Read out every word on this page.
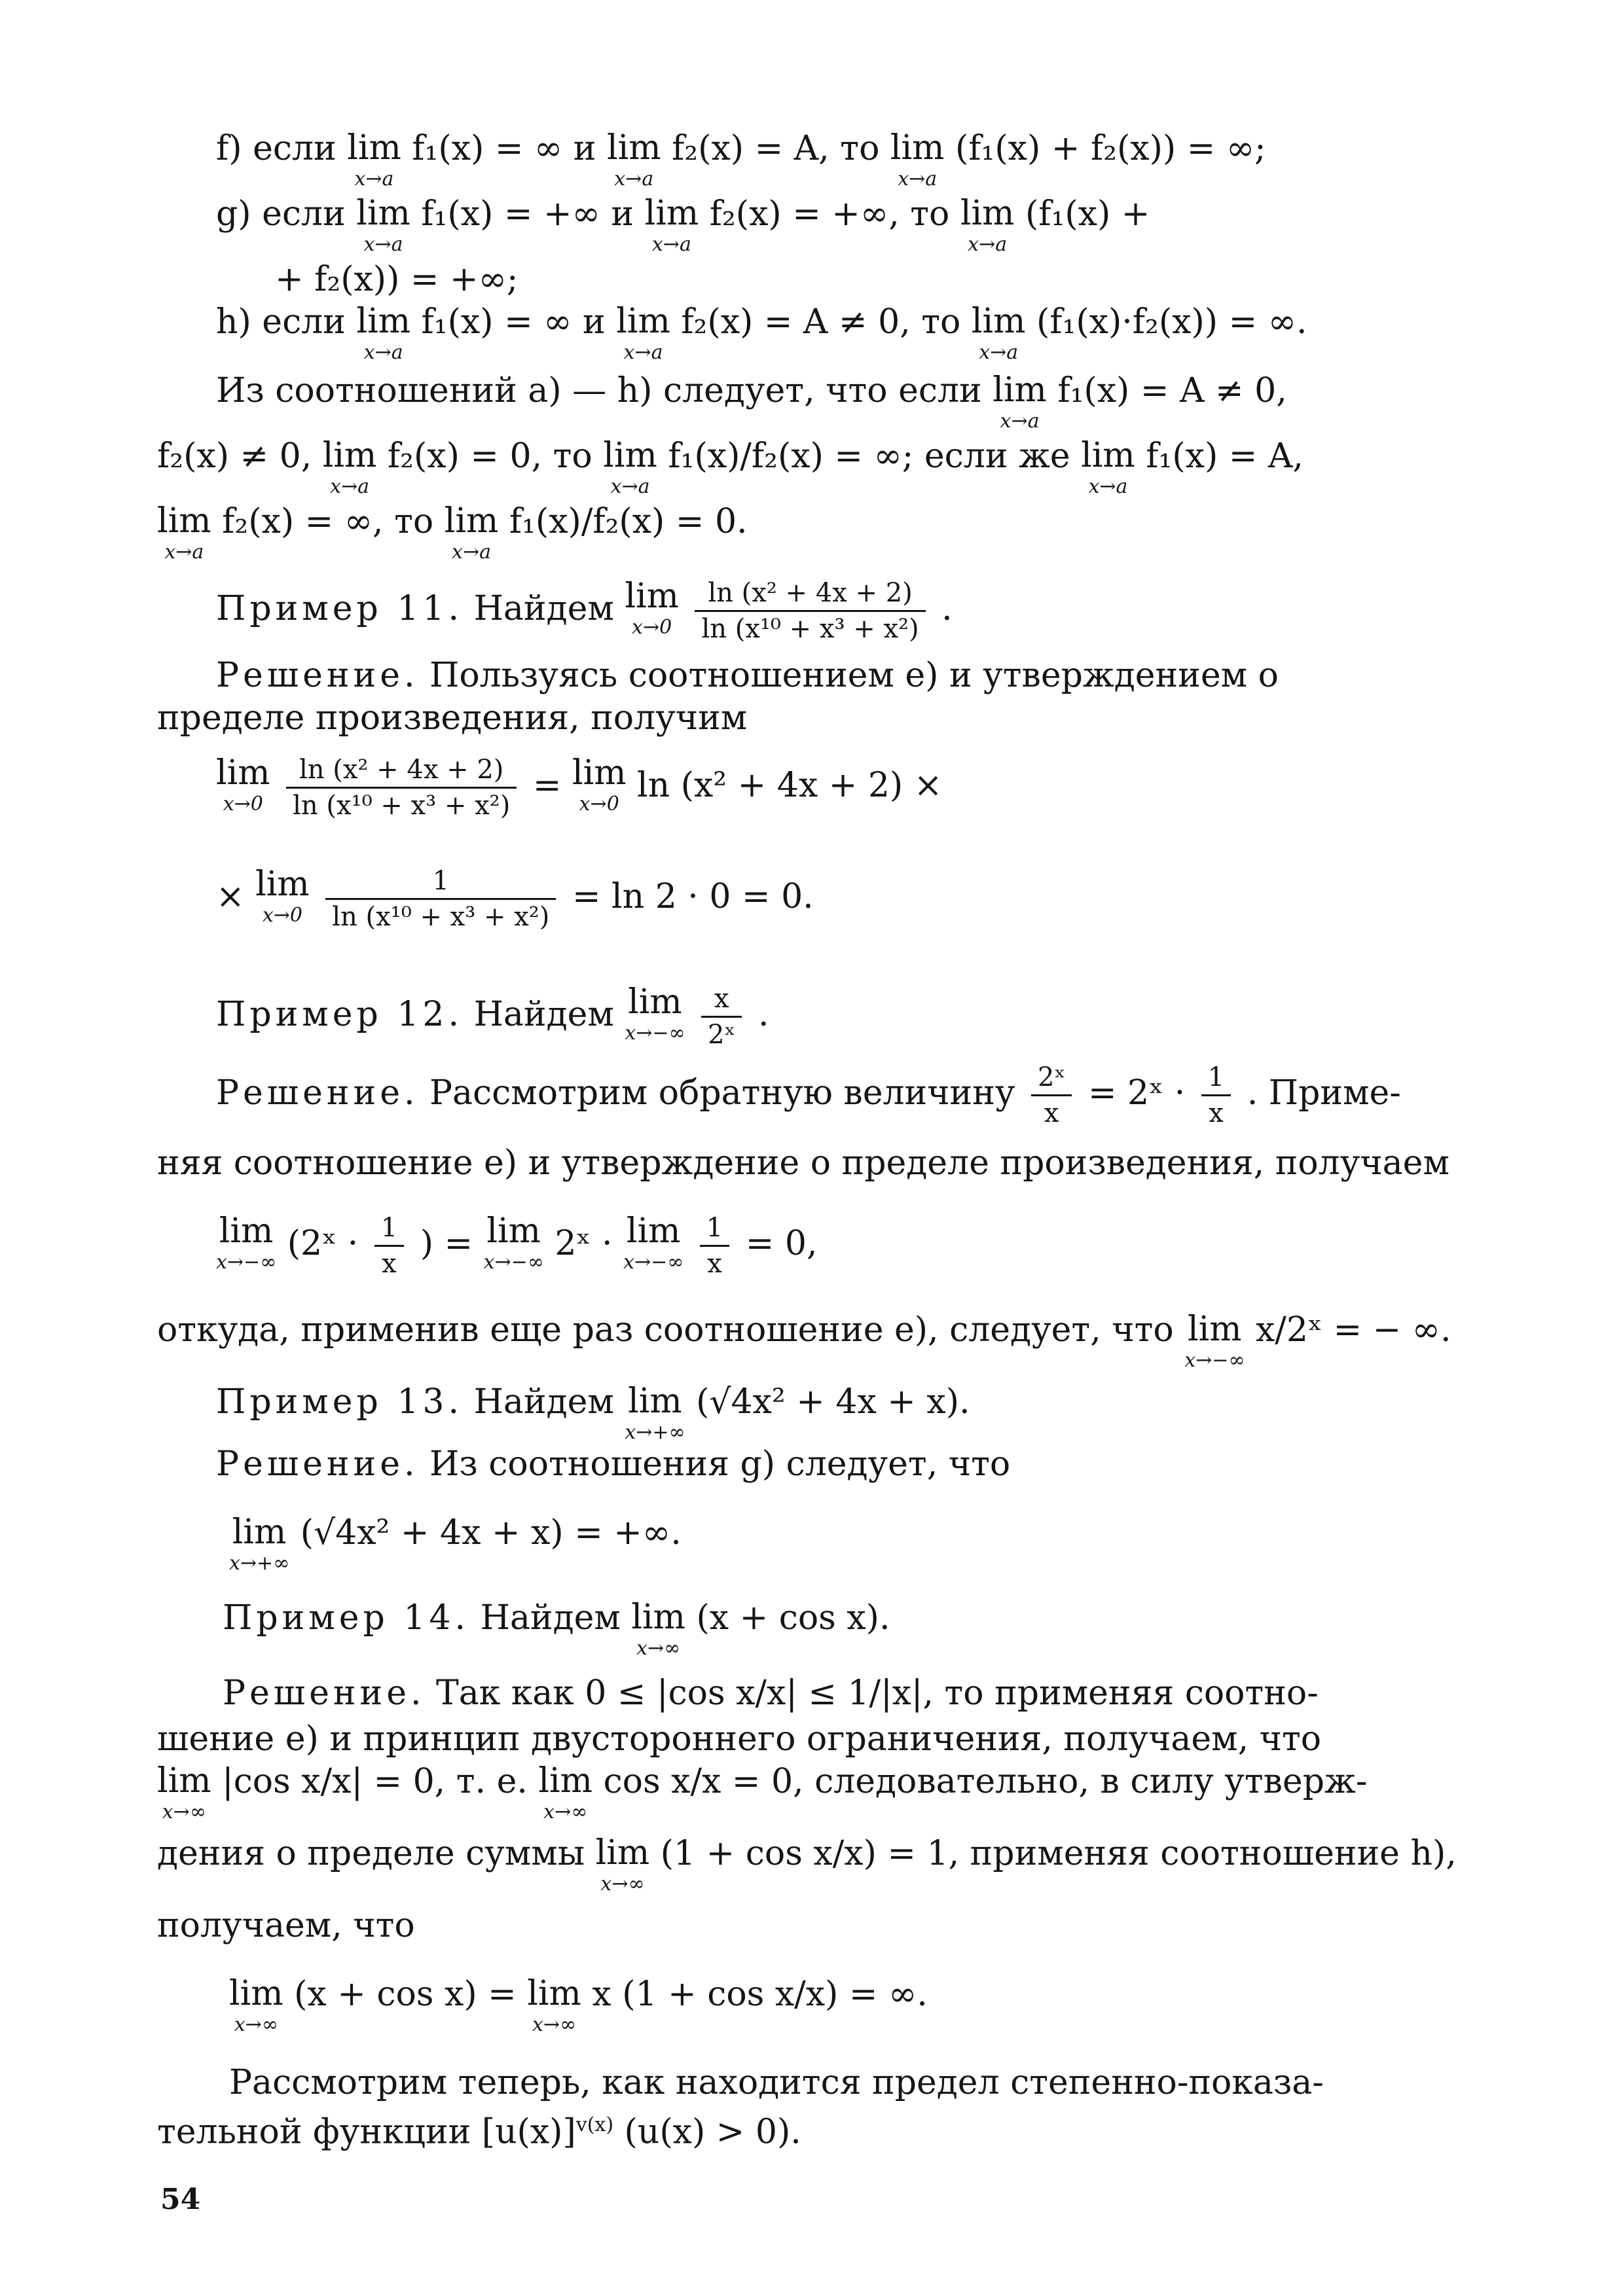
f) если lim
x→a
f₁(x) = ∞ и lim
x→a
f₂(x) = A, то lim
x→a
(f₁(x) + f₂(x)) = ∞;
g) если lim
x→a
f₁(x) = +∞ и lim
x→a
f₂(x) = +∞, то lim
x→a
(f₁(x) +
+ f₂(x)) = +∞;
h) если lim
x→a
f₁(x) = ∞ и lim
x→a
f₂(x) = A ≠ 0, то lim
x→a
(f₁(x)·f₂(x)) = ∞.
Из соотношений a) — h) следует, что если lim
x→a
f₁(x) = A ≠ 0,
f₂(x) ≠ 0, lim
x→a
f₂(x) = 0, то lim
x→a
f₁(x)/f₂(x) = ∞; если же lim
x→a
f₁(x) = A,
lim
x→a
f₂(x) = ∞, то lim
x→a
f₁(x)/f₂(x) = 0.
Пример 11. Найдем lim
x→0
$\frac{\text{ln (x² + 4x + 2)}}{\text{ln (x¹⁰ + x³ + x²)}}$ .
Решение. Пользуясь соотношением e) и утверждением о
пределе произведения, получим
lim
x→0
$\frac{\text{ln (x² + 4x + 2)}}{\text{ln (x¹⁰ + x³ + x²)}} = \lim$
x→0 ln (x² + 4x + 2) ×
× lim
x→0
$\frac{1}{\text{ln (x¹⁰ + x³ + x²)}} = \ln 2 \cdot 0 = 0$.
Пример 12. Найдем lim
x→−∞
$\frac{x}{\text{2ˣ}}$ .
Решение. Рассмотрим обратную величину $\frac{\text{2ˣ}}{x}$ = 2ˣ · $\frac{1}{x}$ . Приме-
няя соотношение е) и утверждение о пределе произведения, получаем
lim
x→−∞ (2ˣ · $\frac{1}{x}$ ) = lim
x→−∞ 2ˣ · lim
x→−∞
$\frac{1}{x} = 0$,
откуда, применив еще раз соотношение е), следует, что lim
x→−∞
x/2ˣ = − ∞.
Пример 13. Найдем lim
x→+∞
(√4x² + 4x + x).
Решение. Из соотношения g) следует, что
lim
x→+∞
(√4x² + 4x + x) = +∞.
Пример 14. Найдем lim
x→∞
(x + cos x).
Решение. Так как 0 ≤ |cos x/x| ≤ 1/|x|, то применяя соотно-
шение е) и принцип двустороннего ограничения, получаем, что
lim
x→∞
|cos x/x| = 0, т. е. lim
x→∞
cos x/x = 0, следовательно, в силу утверж-
дения о пределе суммы lim
x→∞
(1 + cos x/x) = 1, применяя соотношение h),
получаем, что
lim
x→∞
(x + cos x) = lim
x→∞
x (1 + cos x/x) = ∞.
Рассмотрим теперь, как находится предел степенно-показа-
тельной функции $[u(x)]^{v(x)}$ (u(x) > 0).
54
